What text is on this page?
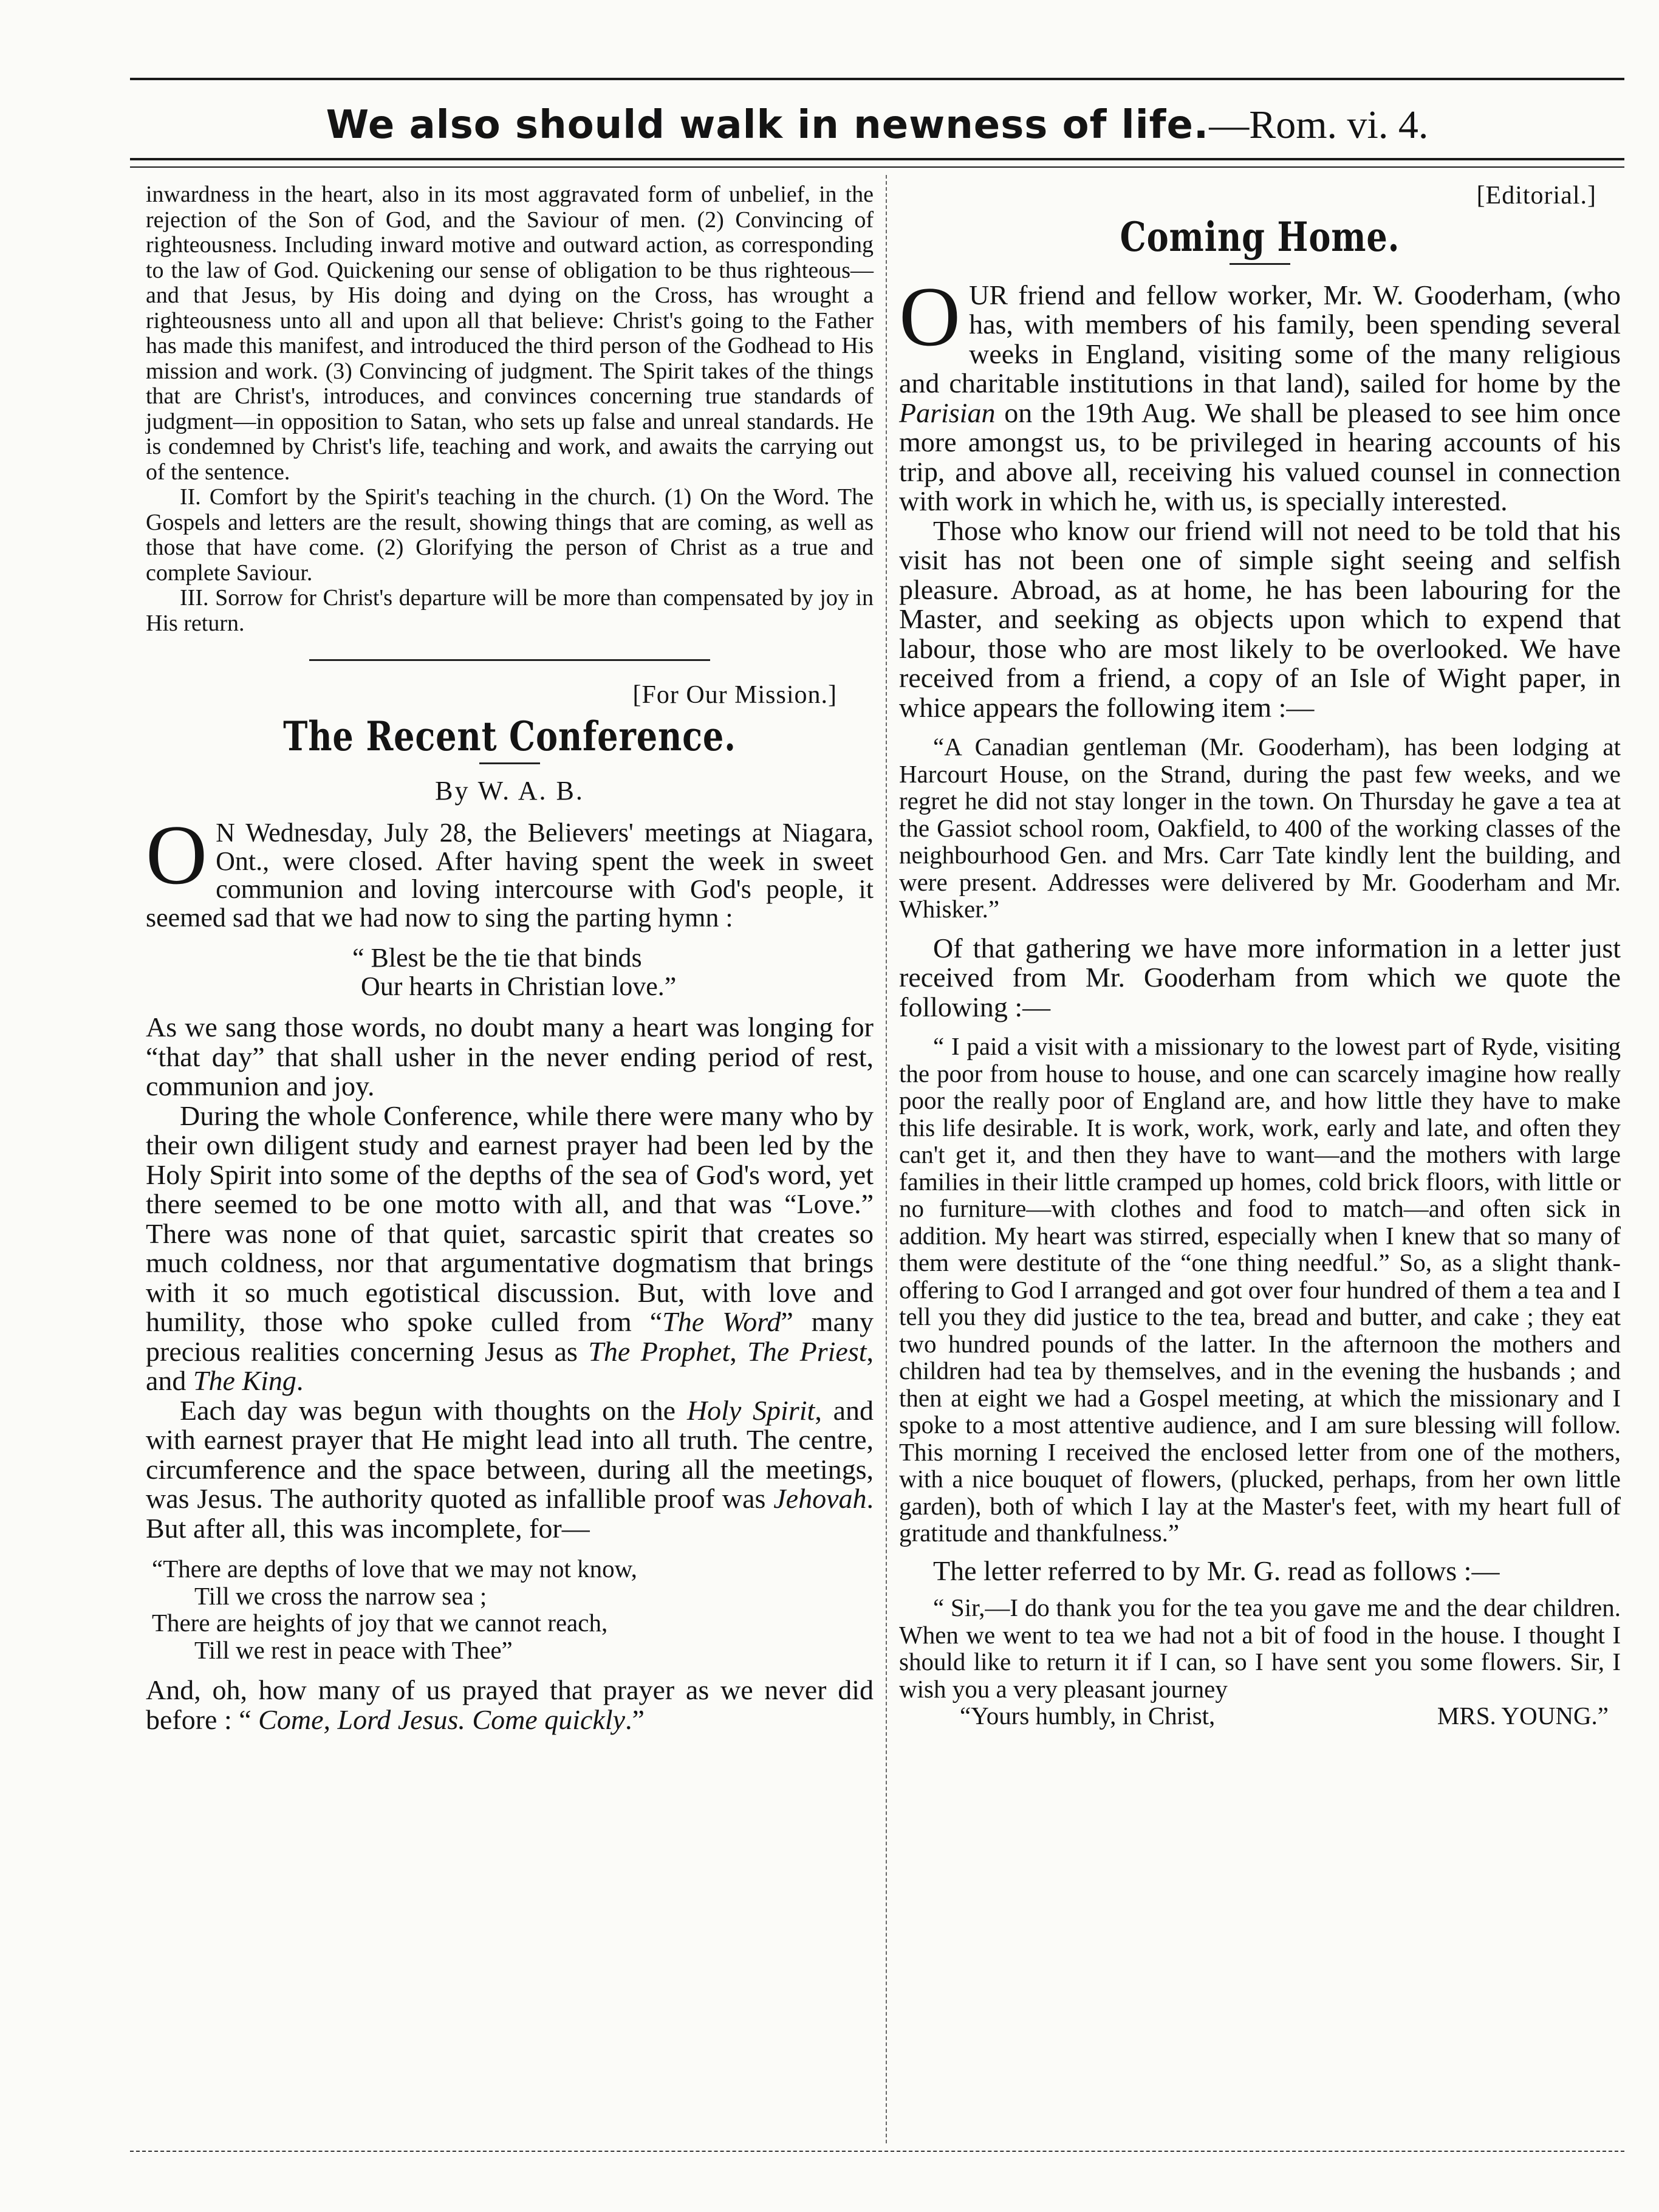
We also should walk in newness of life.—Rom. vi. 4.

inwardness in the heart, also in its most aggravated form of unbelief, in the rejection of the Son of God, and the Saviour of men. (2) Convincing of righteousness. Including inward motive and outward action, as corresponding to the law of God. Quickening our sense of obligation to be thus righteous—and that Jesus, by His doing and dying on the Cross, has wrought a righteousness unto all and upon all that believe: Christ's going to the Father has made this manifest, and introduced the third person of the Godhead to His mission and work. (3) Convincing of judgment. The Spirit takes of the things that are Christ's, introduces, and convinces concerning true standards of judgment—in opposition to Satan, who sets up false and unreal standards. He is condemned by Christ's life, teaching and work, and awaits the carrying out of the sentence.

II. Comfort by the Spirit's teaching in the church. (1) On the Word. The Gospels and letters are the result, showing things that are coming, as well as those that have come. (2) Glorifying the person of Christ as a true and complete Saviour.

III. Sorrow for Christ's departure will be more than compensated by joy in His return.

[For Our Mission.]
The Recent Conference.
By W. A. B.

O N Wednesday, July 28, the Believers' meetings at Niagara, Ont., were closed. After having spent the week in sweet communion and loving intercourse with God's people, it seemed sad that we had now to sing the parting hymn :

“ Blest be the tie that binds
Our hearts in Christian love.”

As we sang those words, no doubt many a heart was longing for “that day” that shall usher in the never ending period of rest, communion and joy.

During the whole Conference, while there were many who by their own diligent study and earnest prayer had been led by the Holy Spirit into some of the depths of the sea of God's word, yet there seemed to be one motto with all, and that was “Love.” There was none of that quiet, sarcastic spirit that creates so much coldness, nor that argumentative dogmatism that brings with it so much egotistical discussion. But, with love and humility, those who spoke culled from “The Word” many precious realities concerning Jesus as The Prophet, The Priest, and The King.

Each day was begun with thoughts on the Holy Spirit, and with earnest prayer that He might lead into all truth. The centre, circumference and the space between, during all the meetings, was Jesus. The authority quoted as infallible proof was Jehovah. But after all, this was incomplete, for—

“There are depths of love that we may not know,
Till we cross the narrow sea ;
There are heights of joy that we cannot reach,
Till we rest in peace with Thee”

And, oh, how many of us prayed that prayer as we never did before : “ Come, Lord Jesus. Come quickly.”

[Editorial.]
Coming Home.

OUR friend and fellow worker, Mr. W. Gooderham, (who has, with members of his family, been spending several weeks in England, visiting some of the many religious and charitable institutions in that land), sailed for home by the Parisian on the 19th Aug. We shall be pleased to see him once more amongst us, to be privileged in hearing accounts of his trip, and above all, receiving his valued counsel in connection with work in which he, with us, is specially interested.

Those who know our friend will not need to be told that his visit has not been one of simple sight seeing and selfish pleasure. Abroad, as at home, he has been labouring for the Master, and seeking as objects upon which to expend that labour, those who are most likely to be overlooked. We have received from a friend, a copy of an Isle of Wight paper, in whice appears the following item :—

“A Canadian gentleman (Mr. Gooderham), has been lodging at Harcourt House, on the Strand, during the past few weeks, and we regret he did not stay longer in the town. On Thursday he gave a tea at the Gassiot school room, Oakfield, to 400 of the working classes of the neighbourhood Gen. and Mrs. Carr Tate kindly lent the building, and were present. Addresses were delivered by Mr. Gooderham and Mr. Whisker.”

Of that gathering we have more information in a letter just received from Mr. Gooderham from which we quote the following :—

“ I paid a visit with a missionary to the lowest part of Ryde, visiting the poor from house to house, and one can scarcely imagine how really poor the really poor of England are, and how little they have to make this life desirable. It is work, work, work, early and late, and often they can't get it, and then they have to want—and the mothers with large families in their little cramped up homes, cold brick floors, with little or no furniture—with clothes and food to match—and often sick in addition. My heart was stirred, especially when I knew that so many of them were destitute of the “one thing needful.” So, as a slight thank-offering to God I arranged and got over four hundred of them a tea and I tell you they did justice to the tea, bread and butter, and cake ; they eat two hundred pounds of the latter. In the afternoon the mothers and children had tea by themselves, and in the evening the husbands ; and then at eight we had a Gospel meeting, at which the missionary and I spoke to a most attentive audience, and I am sure blessing will follow. This morning I received the enclosed letter from one of the mothers, with a nice bouquet of flowers, (plucked, perhaps, from her own little garden), both of which I lay at the Master's feet, with my heart full of gratitude and thankfulness.”

The letter referred to by Mr. G. read as follows :—

“ Sir,—I do thank you for the tea you gave me and the dear children. When we went to tea we had not a bit of food in the house. I thought I should like to return it if I can, so I have sent you some flowers. Sir, I wish you a very pleasant journey

“Yours humbly, in Christ,	MRS. YOUNG.”
